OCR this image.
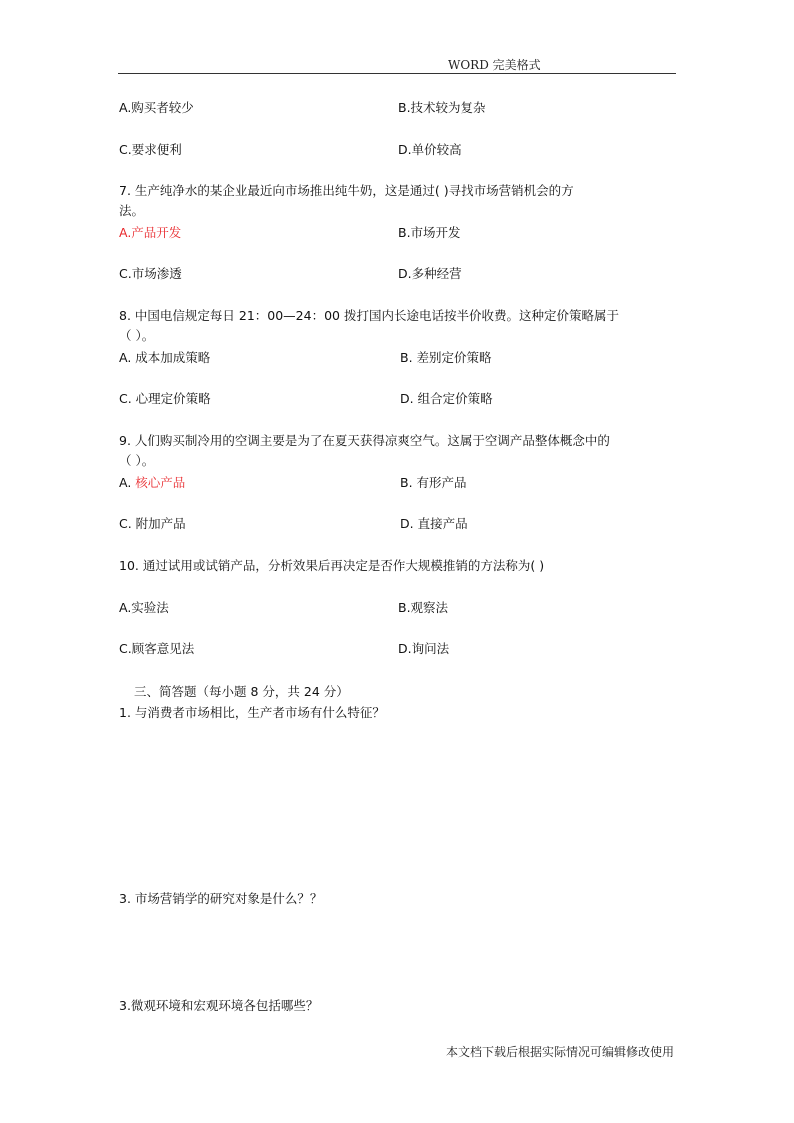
WORD 完美格式
A.购买者较少	B.技术较为复杂
C.要求便利	D.单价较高
7. 生产纯净水的某企业最近向市场推出纯牛奶，这是通过( )寻找市场营销机会的方
法。
A.产品开发	B.市场开发
C.市场渗透	D.多种经营
8. 中国电信规定每日 21：00—24：00 拨打国内长途电话按半价收费。这种定价策略属于
（ ）。
A. 成本加成策略	B. 差别定价策略
C. 心理定价策略	D. 组合定价策略
9. 人们购买制冷用的空调主要是为了在夏天获得凉爽空气。这属于空调产品整体概念中的
（ ）。
A. 核心产品	B. 有形产品
C. 附加产品	D. 直接产品
10. 通过试用或试销产品，分析效果后再决定是否作大规模推销的方法称为( )
A.实验法	B.观察法
C.顾客意见法	D.询问法
三、简答题（每小题 8 分，共 24 分）
1. 与消费者市场相比，生产者市场有什么特征？
3. 市场营销学的研究对象是什么？？
3.微观环境和宏观环境各包括哪些？
本文档下载后根据实际情况可编辑修改使用
